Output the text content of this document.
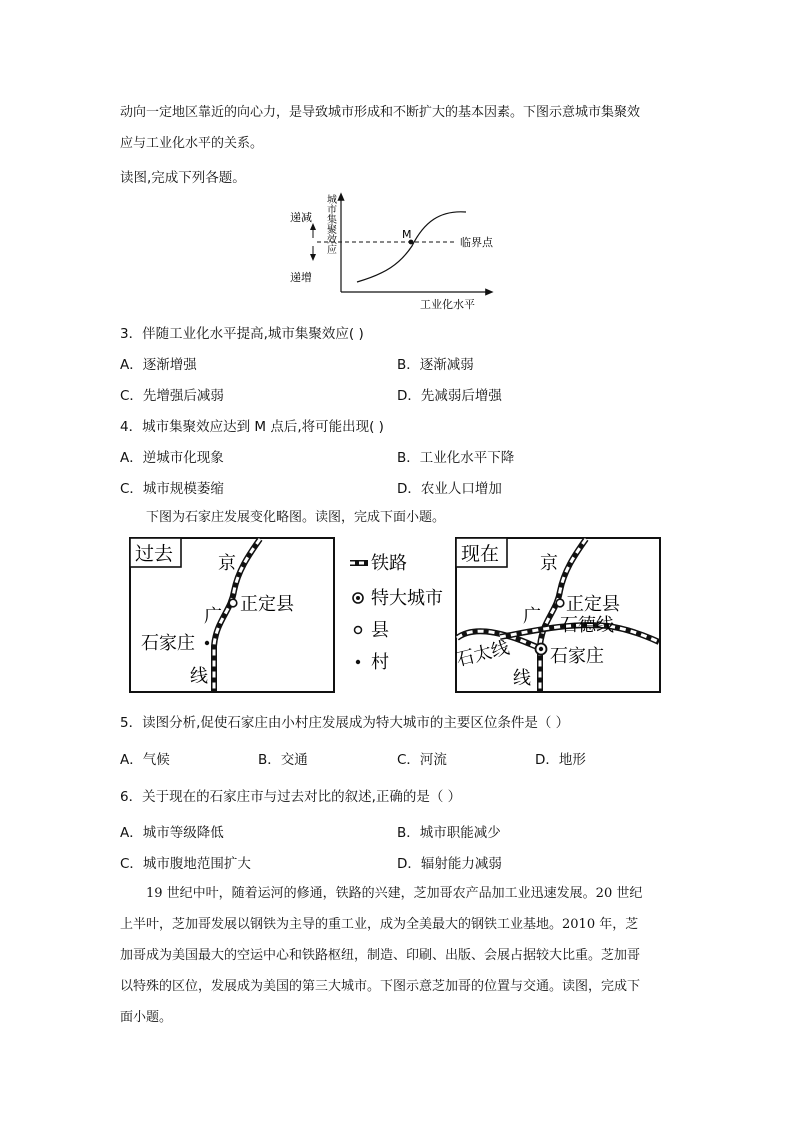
动向一定地区靠近的向心力，是导致城市形成和不断扩大的基本因素。下图示意城市集聚效
应与工业化水平的关系。
读图,完成下列各题。
递减
递增
M
临界点
工业化水平
城市集聚效应
3．伴随工业化水平提高,城市集聚效应( )
A．逐渐增强	B．逐渐减弱
C．先增强后减弱	D．先减弱后增强
4．城市集聚效应达到 M 点后,将可能出现( )
A．逆城市化现象	B．工业化水平下降
C．城市规模萎缩	D．农业人口增加
下图为石家庄发展变化略图。读图，完成下面小题。
过去 京
正定县
广
石家庄
线
铁路
特大城市
县
村
现在 京
正定县
石德线
广
石家庄
石太线
线
5．读图分析,促使石家庄由小村庄发展成为特大城市的主要区位条件是（ ）
A．气候	B．交通	C．河流	D．地形
6．关于现在的石家庄市与过去对比的叙述,正确的是（ ）
A．城市等级降低	B．城市职能减少
C．城市腹地范围扩大	D．辐射能力减弱
19 世纪中叶，随着运河的修通，铁路的兴建，芝加哥农产品加工业迅速发展。20 世纪
上半叶，芝加哥发展以钢铁为主导的重工业，成为全美最大的钢铁工业基地。2010 年，芝
加哥成为美国最大的空运中心和铁路枢纽，制造、印刷、出版、会展占据较大比重。芝加哥
以特殊的区位，发展成为美国的第三大城市。下图示意芝加哥的位置与交通。读图，完成下
面小题。
